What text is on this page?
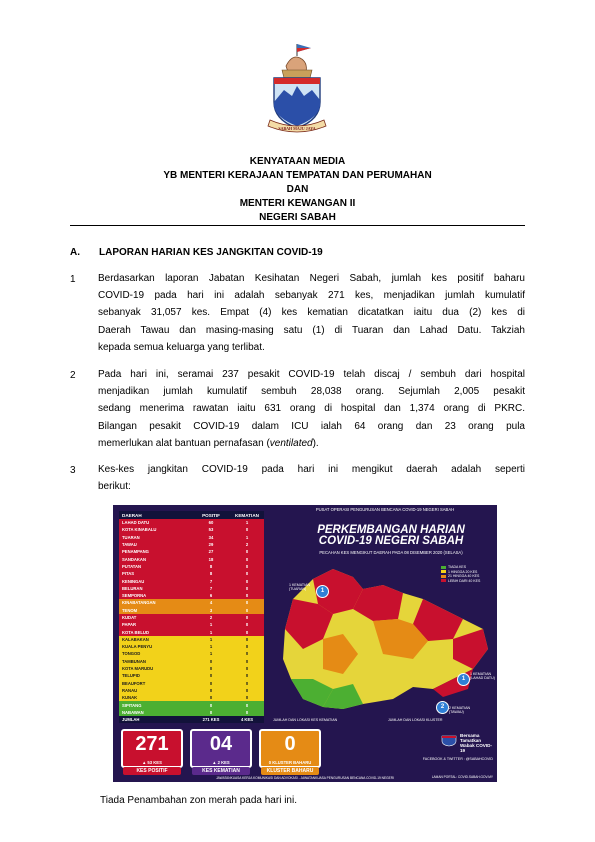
SABAH MAJU JAYA
KENYATAAN MEDIA
YB MENTERI KERAJAAN TEMPATAN DAN PERUMAHAN
DAN
MENTERI KEWANGAN II
NEGERI SABAH
A. LAPORAN HARIAN KES JANGKITAN COVID-19
1 Berdasarkan laporan Jabatan Kesihatan Negeri Sabah, jumlah kes positif baharu
COVID-19 pada hari ini adalah sebanyak 271 kes, menjadikan jumlah kumulatif
sebanyak 31,057 kes. Empat (4) kes kematian dicatatkan iaitu dua (2) kes di
Daerah Tawau dan masing-masing satu (1) di Tuaran dan Lahad Datu. Takziah
kepada semua keluarga yang terlibat.
2 Pada hari ini, seramai 237 pesakit COVID-19 telah discaj / sembuh dari hospital
menjadikan jumlah kumulatif sembuh 28,038 orang. Sejumlah 2,005 pesakit
sedang menerima rawatan iaitu 631 orang di hospital dan 1,374 orang di PKRC.
Bilangan pesakit COVID-19 dalam ICU ialah 64 orang dan 23 orang pula
memerlukan alat bantuan pernafasan (ventilated).
3 Kes-kes jangkitan COVID-19 pada hari ini mengikut daerah adalah seperti
berikut:
DAERAH	POSITIF	KEMATIAN
LAHAD DATU	60	1
KOTA KINABALU	53	0
TUARAN	34	1
TAWAU	29	2
PENAMPANG	27	0
SANDAKAN	18	0
PUTATAN	8	0
PITAS	8	0
KENINGAU	7	0
BELURAN	7	0
SEMPORNA	6	0
KINABATANGAN	4	0
TENOM	3	0
KUDAT	2	0
PAPAR	1	0
KOTA BELUD	1	0
KALABAKAN	1	0
KUALA PENYU	1	0
TONGOD	1	0
TAMBUNAN	0	0
KOTA MARUDU	0	0
TELUPID	0	0
BEAUFORT	0	0
RANAU	0	0
KUNAK	0	0
SIPITANG	0	0
NABAWAN	0	0
JUMLAH	271 KES	4 KES
PUSAT OPERASI PENGURUSAN BENCANA COVID-19 NEGERI SABAH
PERKEMBANGAN HARIAN
COVID-19 NEGERI SABAH
PECAHAN KES MENGIKUT DAERAH PADA 08 DISEMBER 2020 (SELASA)
1
1 KEMATIAN (TUARAN)
1
1 KEMATIAN (LAHAD DATU)
2	2 KEMATIAN (TAWAU)
TIADA KES
1 HINGGA 20 KES
21 HINGGA 40 KES
LEBIH DARI 40 KES
JUMLAH DAN LOKASI KES KEMATIAN	JUMLAH DAN LOKASI KLUSTER
271
KES POSITIF
▲ 53 KES
04
KES KEMATIAN
▲ 2 KES
0
KLUSTER BAHARU
0 KLUSTER BAHARU
Bersama Tamatkan Wabak COVID-19
FACEBOOK & TWITTER : @SABAHCOVID
LAMAN PORTAL: COVID.SABAH.GOV.MY
JAWATANKUASA KERJA KOMUNIKASI DAN ADVOKASI - JAWATANKUASA PENGURUSAN BENCANA COVID-19 NEGERI
Tiada Penambahan zon merah pada hari ini.
